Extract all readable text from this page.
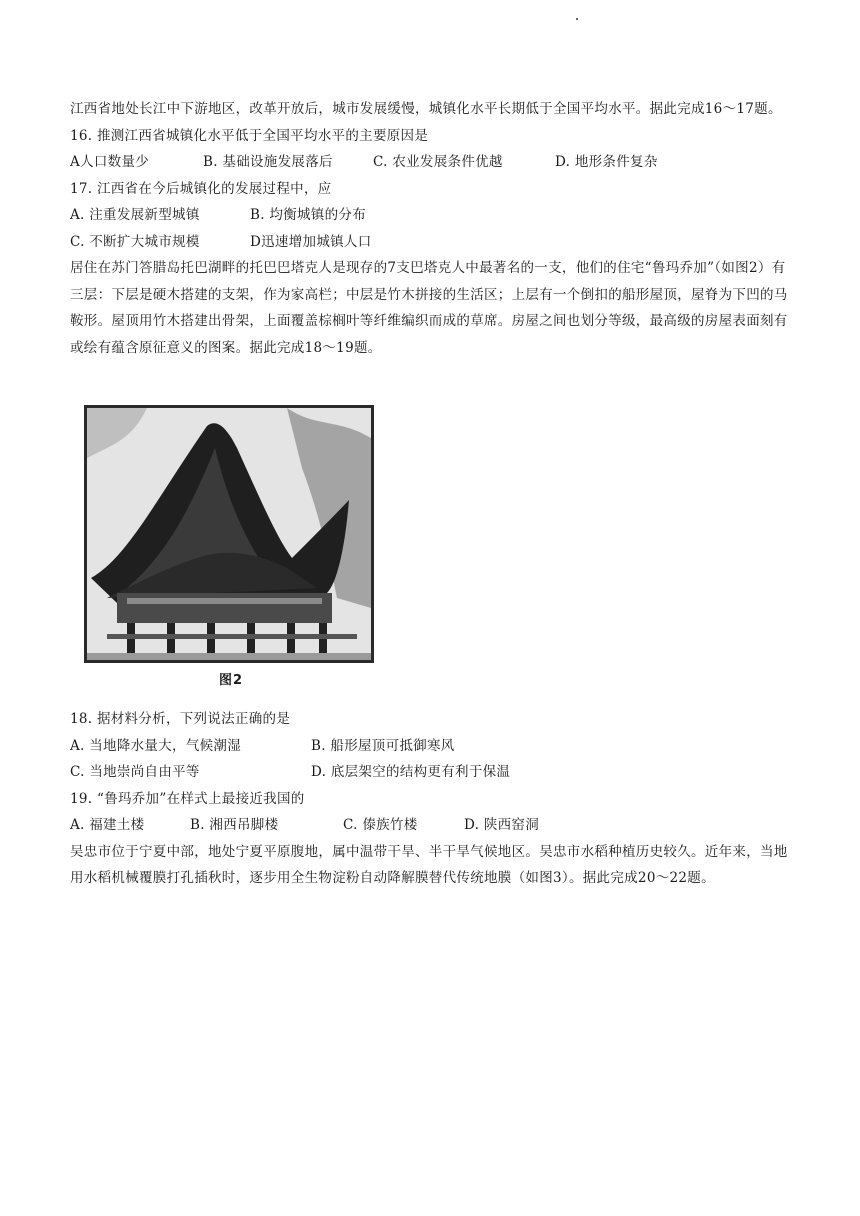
江西省地处长江中下游地区，改革开放后，城市发展缓慢，城镇化水平长期低于全国平均水平。据此完成16～17题。

16. 推测江西省城镇化水平低于全国平均水平的主要原因是

A人口数量少	B. 基础设施发展落后	C. 农业发展条件优越	D. 地形条件复杂

17. 江西省在今后城镇化的发展过程中，应

A. 注重发展新型城镇	B. 均衡城镇的分布
C. 不断扩大城市规模	D迅速增加城镇人口

居住在苏门答腊岛托巴湖畔的托巴巴塔克人是现存的7支巴塔克人中最著名的一支，他们的住宅“鲁玛乔加”（如图2）有三层：下层是硬木搭建的支架，作为家高栏；中层是竹木拼接的生活区；上层有一个倒扣的船形屋顶，屋脊为下凹的马鞍形。屋顶用竹木搭建出骨架，上面覆盖棕榈叶等纤维编织而成的草席。房屋之间也划分等级，最高级的房屋表面刻有或绘有蕴含原征意义的图案。据此完成18～19题。

图2

18. 据材料分析，下列说法正确的是

A. 当地降水量大，气候潮湿	B. 船形屋顶可抵御寒风
C. 当地崇尚自由平等	D. 底层架空的结构更有利于保温

19. “鲁玛乔加”在样式上最接近我国的

A. 福建土楼	B. 湘西吊脚楼	C. 傣族竹楼	D. 陕西窑洞

吴忠市位于宁夏中部，地处宁夏平原腹地，属中温带干旱、半干旱气候地区。吴忠市水稻种植历史较久。近年来，当地用水稻机械覆膜打孔插秋时，逐步用全生物淀粉自动降解膜替代传统地膜（如图3）。据此完成20～22题。
